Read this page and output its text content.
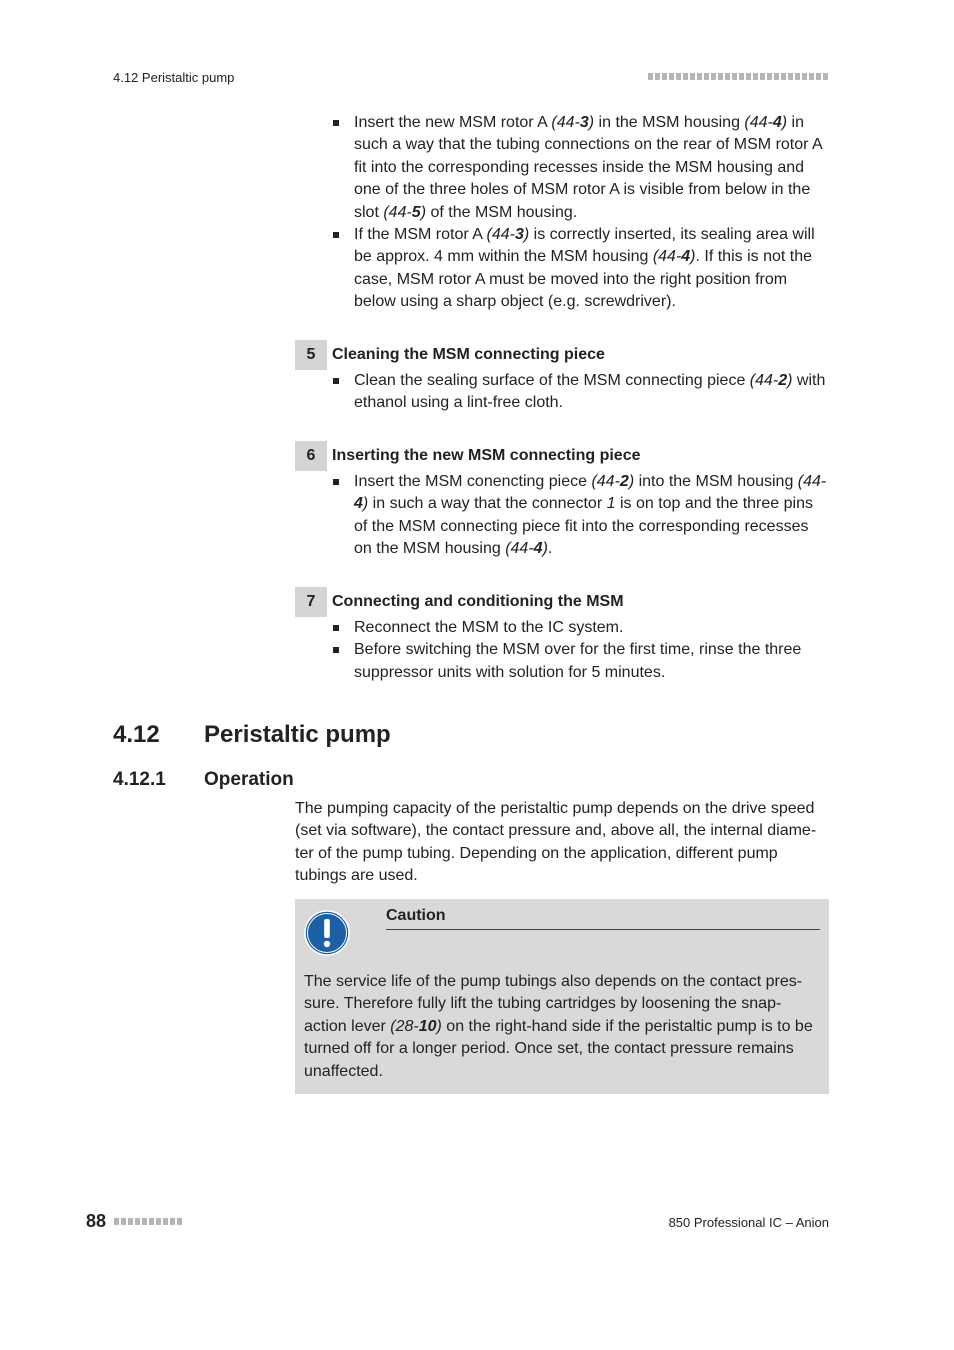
4.12 Peristaltic pump
Insert the new MSM rotor A (44-3) in the MSM housing (44-4) in such a way that the tubing connections on the rear of MSM rotor A fit into the corresponding recesses inside the MSM housing and one of the three holes of MSM rotor A is visible from below in the slot (44-5) of the MSM housing.
If the MSM rotor A (44-3) is correctly inserted, its sealing area will be approx. 4 mm within the MSM housing (44-4). If this is not the case, MSM rotor A must be moved into the right position from below using a sharp object (e.g. screwdriver).
5	Cleaning the MSM connecting piece
Clean the sealing surface of the MSM connecting piece (44-2) with ethanol using a lint-free cloth.
6	Inserting the new MSM connecting piece
Insert the MSM conencting piece (44-2) into the MSM housing (44-4) in such a way that the connector 1 is on top and the three pins of the MSM connecting piece fit into the corresponding recesses on the MSM housing (44-4).
7	Connecting and conditioning the MSM
Reconnect the MSM to the IC system.
Before switching the MSM over for the first time, rinse the three suppressor units with solution for 5 minutes.
4.12 Peristaltic pump
4.12.1 Operation
The pumping capacity of the peristaltic pump depends on the drive speed (set via software), the contact pressure and, above all, the internal diame-
ter of the pump tubing. Depending on the application, different pump tubings are used.
Caution
The service life of the pump tubings also depends on the contact pres-
sure. Therefore fully lift the tubing cartridges by loosening the snap-
action lever (28-10) on the right-hand side if the peristaltic pump is to be turned off for a longer period. Once set, the contact pressure remains unaffected.
88	850 Professional IC – Anion
